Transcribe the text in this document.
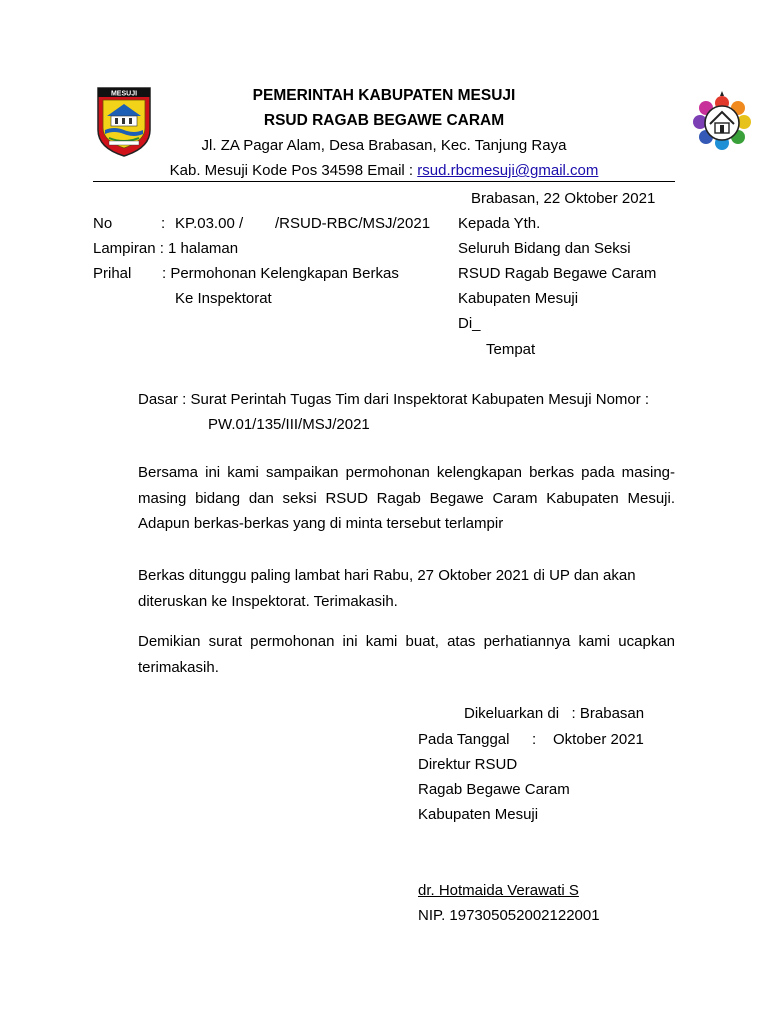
MESUJI	PEMERINTAH KABUPATEN MESUJI
RSUD RAGAB BEGAWE CARAM
Jl. ZA Pagar Alam, Desa Brabasan, Kec. Tanjung Raya
Kab. Mesuji Kode Pos 34598 Email : rsud.rbcmesuji@gmail.com
Brabasan, 22 Oktober 2021
No	: KP.03.00 / /RSUD-RBC/MSJ/2021
Lampiran : 1 halaman
Prihal : Permohonan Kelengkapan Berkas
Ke Inspektorat
Kepada Yth.
Seluruh Bidang dan Seksi
RSUD Ragab Begawe Caram
Kabupaten Mesuji
Di_
Tempat
Dasar : Surat Perintah Tugas Tim dari Inspektorat Kabupaten Mesuji Nomor :
PW.01/135/III/MSJ/2021
Bersama ini kami sampaikan permohonan kelengkapan berkas pada masing-masing bidang dan seksi RSUD Ragab Begawe Caram Kabupaten Mesuji. Adapun berkas-berkas yang di minta tersebut terlampir
Berkas ditunggu paling lambat hari Rabu, 27 Oktober 2021 di UP dan akan
diteruskan ke Inspektorat. Terimakasih.
Demikian surat permohonan ini kami buat, atas perhatiannya kami ucapkan terimakasih.
Dikeluarkan di   : Brabasan
Pada Tanggal : Oktober 2021
Direktur RSUD
Ragab Begawe Caram
Kabupaten Mesuji
dr. Hotmaida Verawati S
NIP. 197305052002122001
